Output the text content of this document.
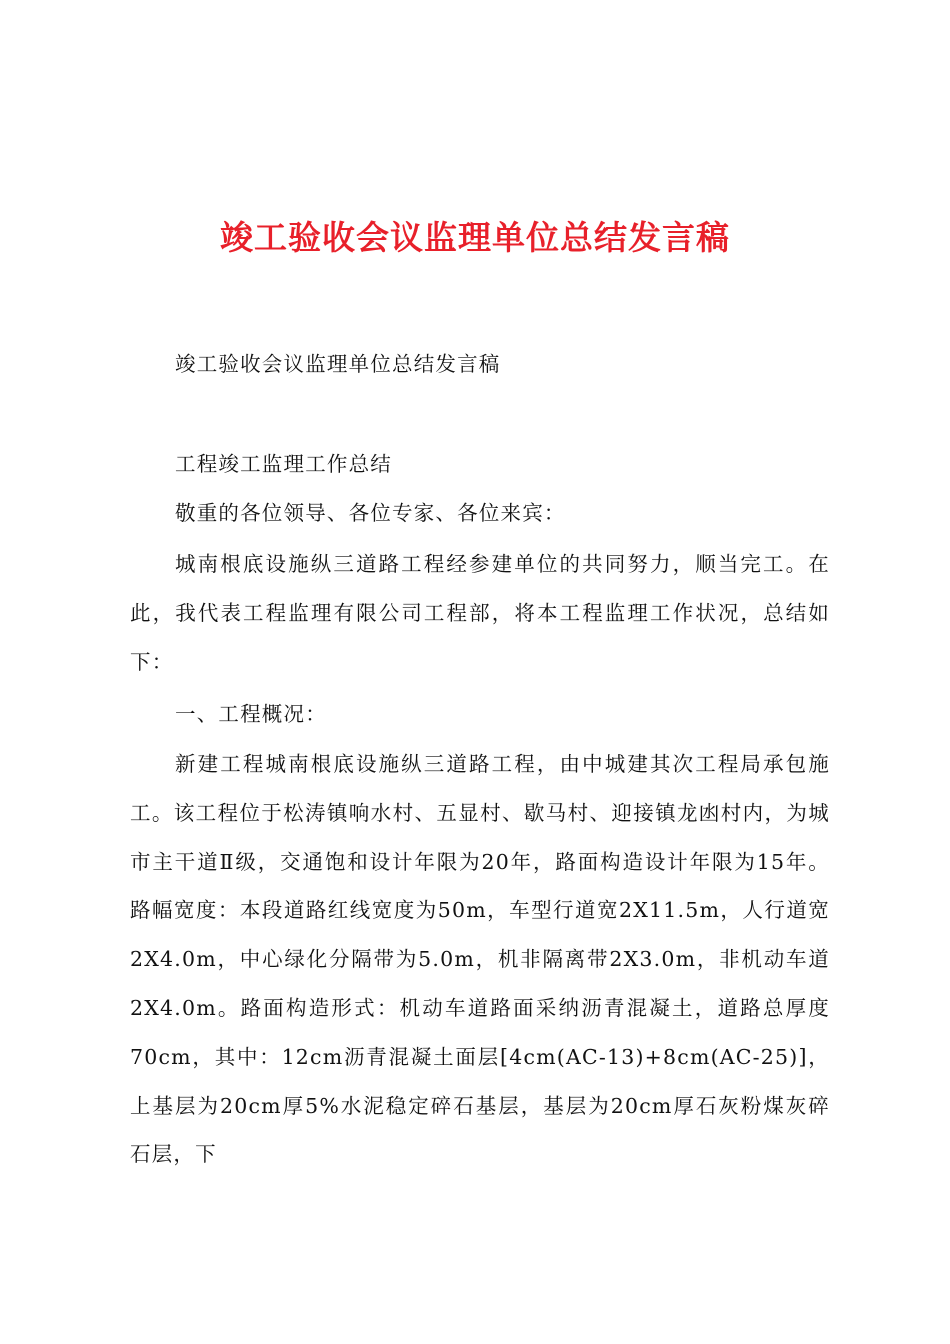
竣工验收会议监理单位总结发言稿

竣工验收会议监理单位总结发言稿

工程竣工监理工作总结

敬重的各位领导、各位专家、各位来宾：

城南根底设施纵三道路工程经参建单位的共同努力，顺当完工。在此，我代表工程监理有限公司工程部，将本工程监理工作状况，总结如下：

一、工程概况：

新建工程城南根底设施纵三道路工程，由中城建其次工程局承包施工。该工程位于松涛镇响水村、五显村、歇马村、迎接镇龙凼村内，为城市主干道Ⅱ级，交通饱和设计年限为20年，路面构造设计年限为15年。路幅宽度：本段道路红线宽度为50m，车型行道宽2X11.5m，人行道宽2X4.0m，中心绿化分隔带为5.0m，机非隔离带2X3.0m，非机动车道2X4.0m。路面构造形式：机动车道路面采纳沥青混凝土，道路总厚度70cm，其中：12cm沥青混凝土面层[4cm(AC-13)+8cm(AC-25)]，上基层为20cm厚5%水泥稳定碎石基层，基层为20cm厚石灰粉煤灰碎石层，下
